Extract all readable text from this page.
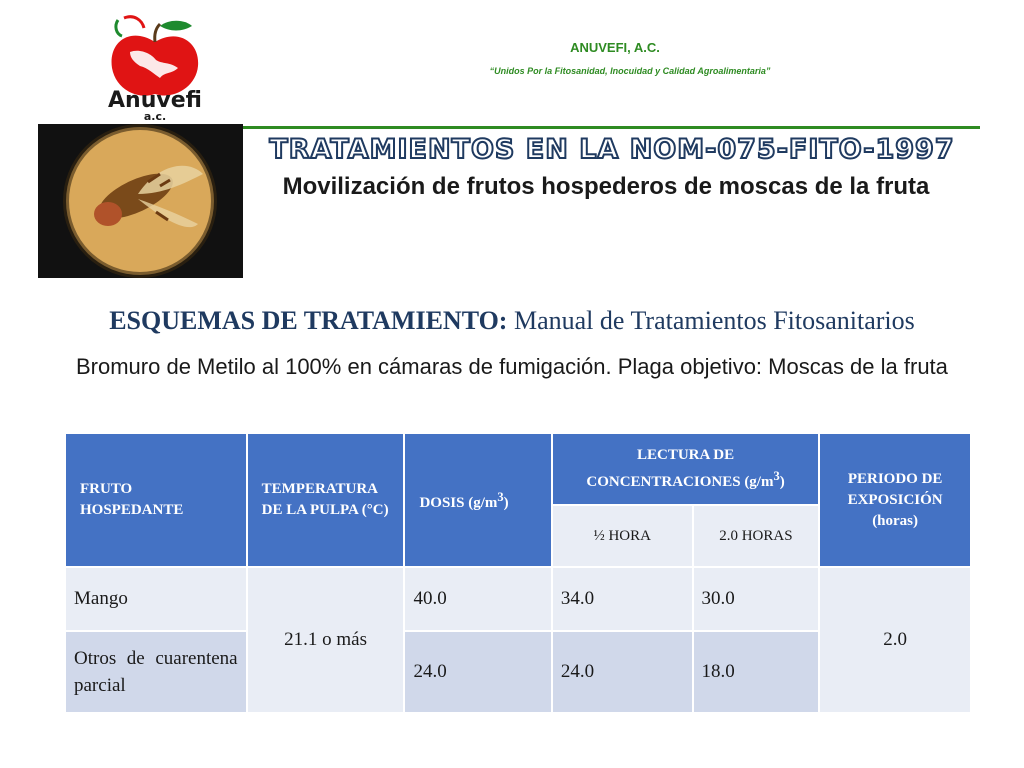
Anuvefi
a.c.
ANUVEFI, A.C.
“Unidos Por la Fitosanidad, Inocuidad y Calidad Agroalimentaria”
TRATAMIENTOS EN LA NOM-075-FITO-1997
Movilización de frutos hospederos de moscas de la fruta
ESQUEMAS DE TRATAMIENTO: Manual de Tratamientos Fitosanitarios
Bromuro de Metilo al 100% en cámaras de fumigación. Plaga objetivo: Moscas de la fruta
FRUTO HOSPEDANTE	TEMPERATURA DE LA PULPA (°C)	DOSIS $(g/m^3)$	LECTURA DE CONCENTRACIONES $(g/m^3)$		PERIODO DE EXPOSICIÓN (horas)
			½ HORA	2.0 HORAS	
Mango	21.1 o más	40.0	34.0	30.0	2.0
Otros de cuarentena parcial		24.0	24.0	18.0	
